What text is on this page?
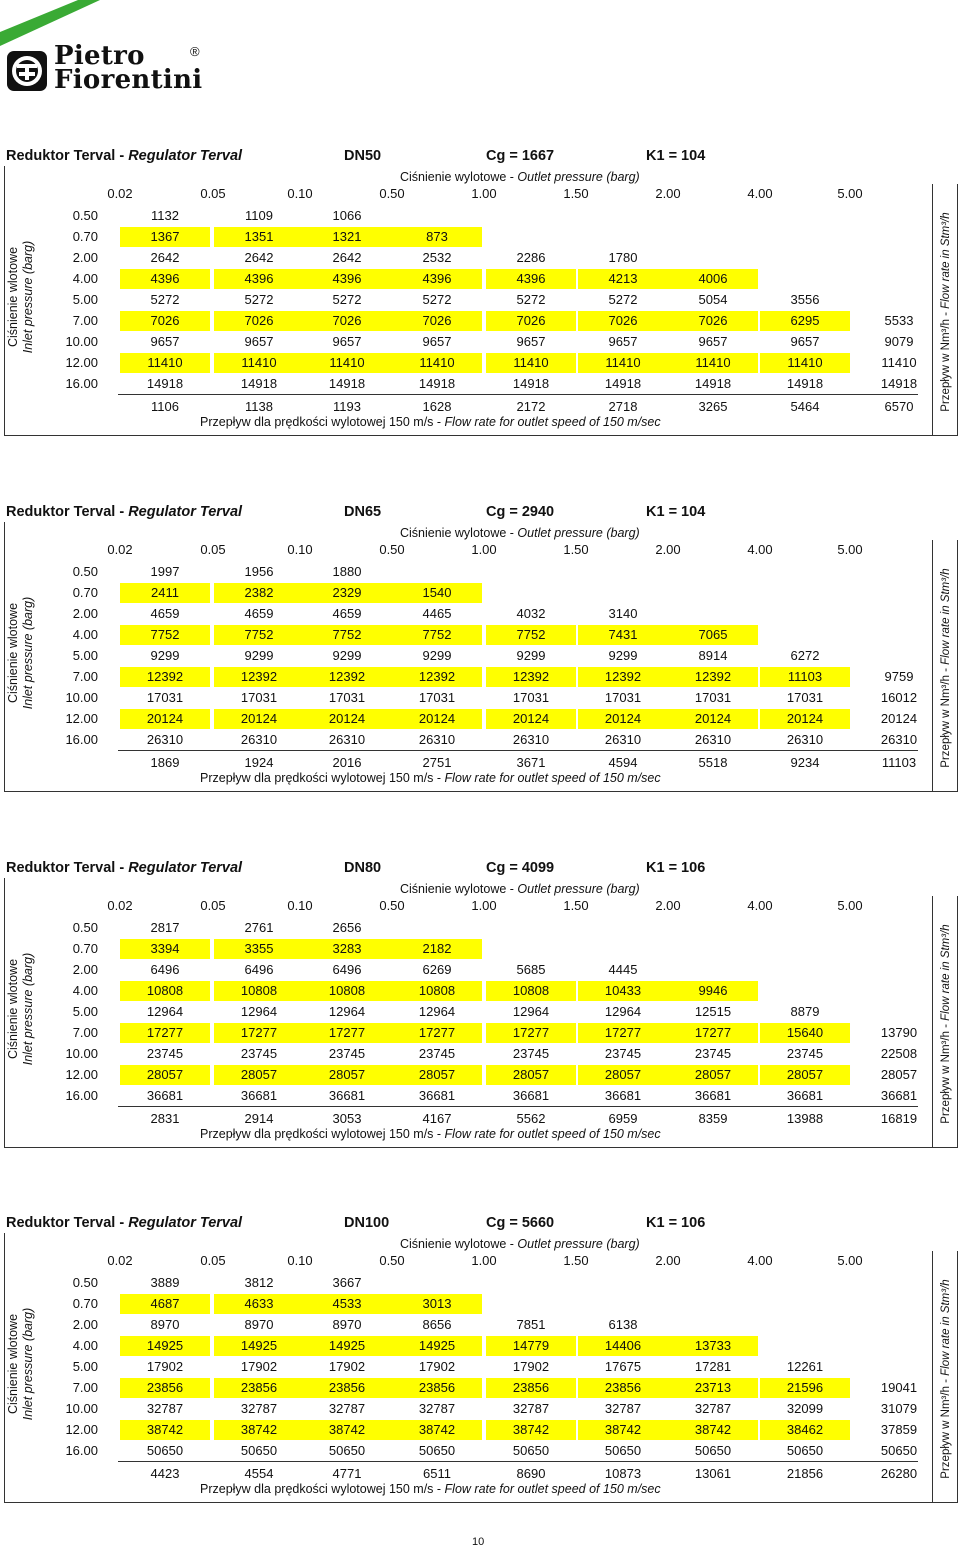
Pietro
Fiorentini
®
Reduktor Terval - Regulator Terval	DN50	Cg = 1667	K1 = 104
Ciśnienie wlotowe Inlet pressure (barg)
Przepływ w Nm³/h - Flow rate in Stm³/h
Ciśnienie wylotowe - Outlet pressure (barg)
0.02	0.05	0.10	0.50	1.00	1.50	2.00	4.00	5.00
0.50	1132	1109	1066
0.70	1367	1351	1321	873
2.00	2642	2642	2642	2532	2286	1780
4.00	4396	4396	4396	4396	4396	4213	4006
5.00	5272	5272	5272	5272	5272	5272	5054	3556
7.00	7026	7026	7026	7026	7026	7026	7026	6295	5533
10.00	9657	9657	9657	9657	9657	9657	9657	9657	9079
12.00	11410	11410	11410	11410	11410	11410	11410	11410	11410
16.00	14918	14918	14918	14918	14918	14918	14918	14918	14918
1106	1138	1193	1628	2172	2718	3265	5464	6570
Przepływ dla prędkości wylotowej 150 m/s - Flow rate for outlet speed of 150 m/sec
Reduktor Terval - Regulator Terval	DN65	Cg = 2940	K1 = 104
Ciśnienie wlotowe Inlet pressure (barg)
Przepływ w Nm³/h - Flow rate in Stm³/h
Ciśnienie wylotowe - Outlet pressure (barg)
0.02	0.05	0.10	0.50	1.00	1.50	2.00	4.00	5.00
0.50	1997	1956	1880
0.70	2411	2382	2329	1540
2.00	4659	4659	4659	4465	4032	3140
4.00	7752	7752	7752	7752	7752	7431	7065
5.00	9299	9299	9299	9299	9299	9299	8914	6272
7.00	12392	12392	12392	12392	12392	12392	12392	11103	9759
10.00	17031	17031	17031	17031	17031	17031	17031	17031	16012
12.00	20124	20124	20124	20124	20124	20124	20124	20124	20124
16.00	26310	26310	26310	26310	26310	26310	26310	26310	26310
1869	1924	2016	2751	3671	4594	5518	9234	11103
Przepływ dla prędkości wylotowej 150 m/s - Flow rate for outlet speed of 150 m/sec
Reduktor Terval - Regulator Terval	DN80	Cg = 4099	K1 = 106
Ciśnienie wlotowe Inlet pressure (barg)
Przepływ w Nm³/h - Flow rate in Stm³/h
Ciśnienie wylotowe - Outlet pressure (barg)
0.02	0.05	0.10	0.50	1.00	1.50	2.00	4.00	5.00
0.50	2817	2761	2656
0.70	3394	3355	3283	2182
2.00	6496	6496	6496	6269	5685	4445
4.00	10808	10808	10808	10808	10808	10433	9946
5.00	12964	12964	12964	12964	12964	12964	12515	8879
7.00	17277	17277	17277	17277	17277	17277	17277	15640	13790
10.00	23745	23745	23745	23745	23745	23745	23745	23745	22508
12.00	28057	28057	28057	28057	28057	28057	28057	28057	28057
16.00	36681	36681	36681	36681	36681	36681	36681	36681	36681
2831	2914	3053	4167	5562	6959	8359	13988	16819
Przepływ dla prędkości wylotowej 150 m/s - Flow rate for outlet speed of 150 m/sec
Reduktor Terval - Regulator Terval	DN100	Cg = 5660	K1 = 106
Ciśnienie wlotowe Inlet pressure (barg)
Przepływ w Nm³/h - Flow rate in Stm³/h
Ciśnienie wylotowe - Outlet pressure (barg)
0.02	0.05	0.10	0.50	1.00	1.50	2.00	4.00	5.00
0.50	3889	3812	3667
0.70	4687	4633	4533	3013
2.00	8970	8970	8970	8656	7851	6138
4.00	14925	14925	14925	14925	14779	14406	13733
5.00	17902	17902	17902	17902	17902	17675	17281	12261
7.00	23856	23856	23856	23856	23856	23856	23713	21596	19041
10.00	32787	32787	32787	32787	32787	32787	32787	32099	31079
12.00	38742	38742	38742	38742	38742	38742	38742	38462	37859
16.00	50650	50650	50650	50650	50650	50650	50650	50650	50650
4423	4554	4771	6511	8690	10873	13061	21856	26280
Przepływ dla prędkości wylotowej 150 m/s - Flow rate for outlet speed of 150 m/sec
10
